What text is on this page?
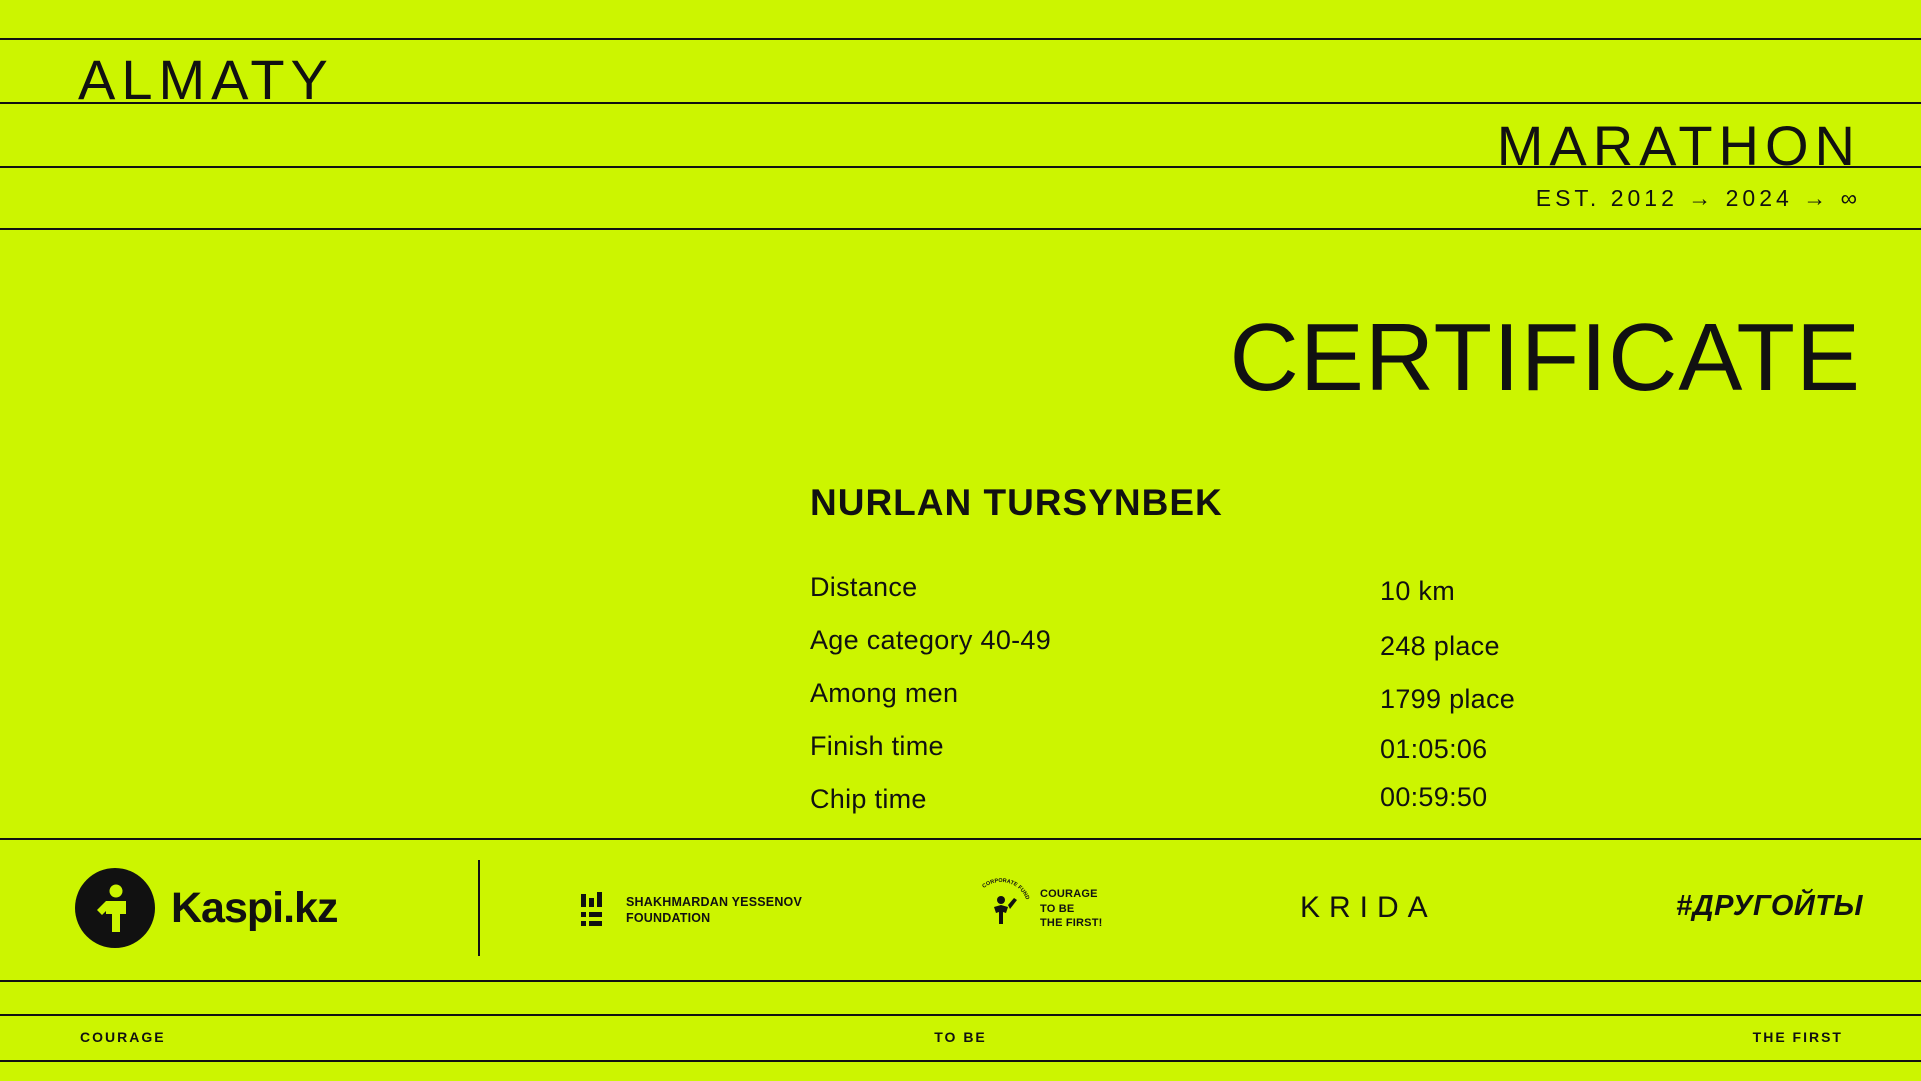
ALMATY
MARATHON
EST. 2012 → 2024 → ∞
CERTIFICATE
NURLAN TURSYNBEK
Distance	10 km
Age category 40-49	248 place
Among men	1799 place
Finish time	01:05:06
Chip time	00:59:50
Kaspi.kz	SHAKHMARDAN YESSENOV
FOUNDATION
CORPORATE FUND COURAGE
TO BE
THE FIRST!	KRIDA	#ДРУГОЙТЫ
COURAGE	TO BE	THE FIRST
